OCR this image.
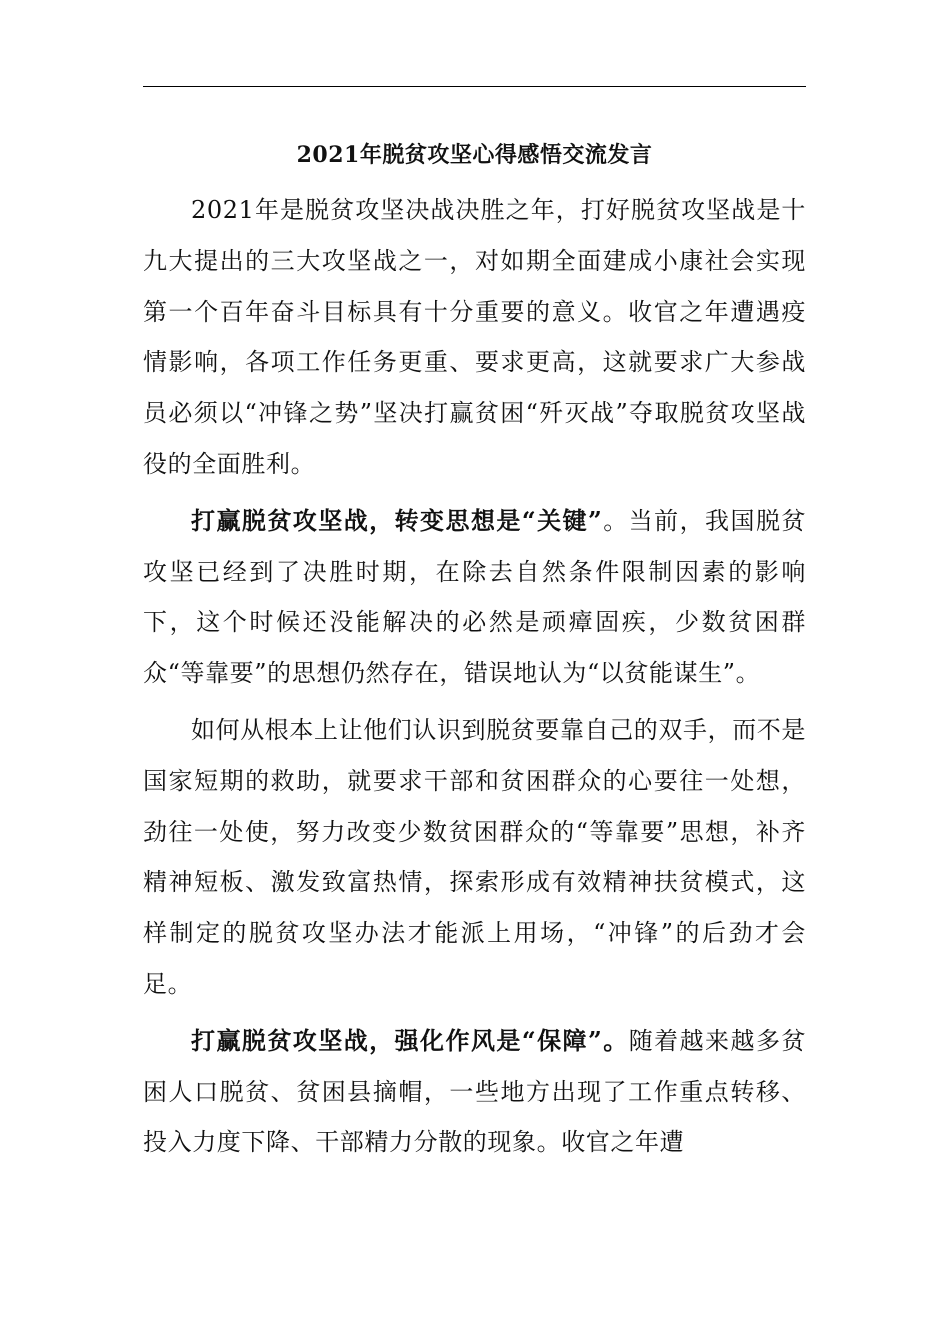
2021年脱贫攻坚心得感悟交流发言

2021年是脱贫攻坚决战决胜之年，打好脱贫攻坚战是十九大提出的三大攻坚战之一，对如期全面建成小康社会实现第一个百年奋斗目标具有十分重要的意义。收官之年遭遇疫情影响，各项工作任务更重、要求更高，这就要求广大参战员必须以“冲锋之势”坚决打赢贫困“歼灭战”夺取脱贫攻坚战役的全面胜利。

打赢脱贫攻坚战，转变思想是“关键”。当前，我国脱贫攻坚已经到了决胜时期，在除去自然条件限制因素的影响下，这个时候还没能解决的必然是顽瘴固疾，少数贫困群众“等靠要”的思想仍然存在，错误地认为“以贫能谋生”。

如何从根本上让他们认识到脱贫要靠自己的双手，而不是国家短期的救助，就要求干部和贫困群众的心要往一处想，劲往一处使，努力改变少数贫困群众的“等靠要”思想，补齐精神短板、激发致富热情，探索形成有效精神扶贫模式，这样制定的脱贫攻坚办法才能派上用场，“冲锋”的后劲才会足。

打赢脱贫攻坚战，强化作风是“保障”。随着越来越多贫困人口脱贫、贫困县摘帽，一些地方出现了工作重点转移、投入力度下降、干部精力分散的现象。收官之年遭
